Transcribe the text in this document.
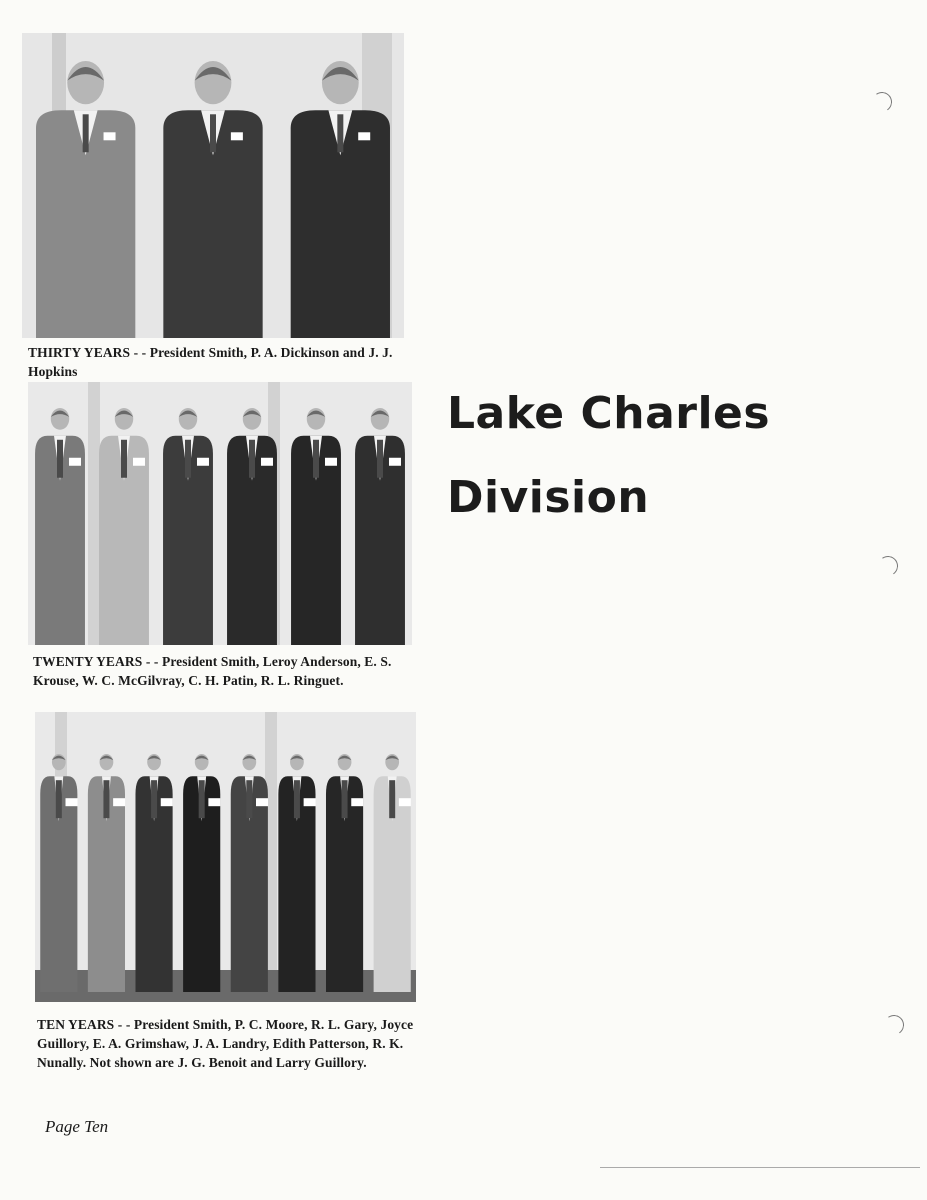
THIRTY YEARS - - President Smith, P. A. Dickinson and J. J. Hopkins
TWENTY YEARS - - President Smith, Leroy Anderson, E. S. Krouse, W. C. McGilvray, C. H. Patin, R. L. Ringuet.
TEN YEARS - - President Smith, P. C. Moore, R. L. Gary, Joyce Guillory, E. A. Grimshaw, J. A. Landry, Edith Patterson, R. K. Nunally. Not shown are J. G. Benoit and Larry Guillory.
Lake Charles
Division
Page Ten
